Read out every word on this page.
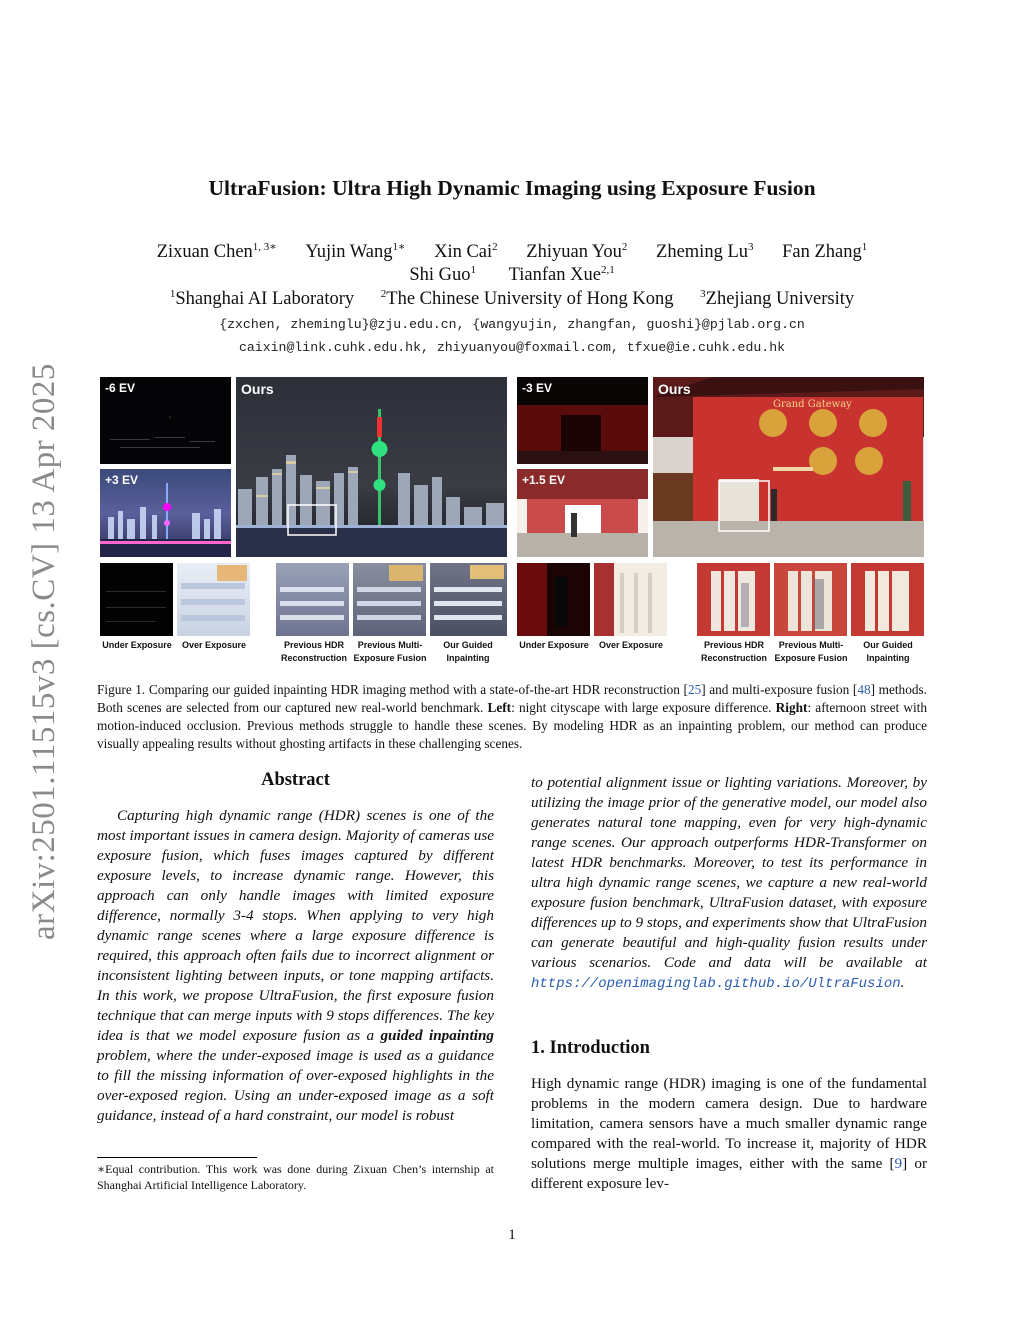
arXiv:2501.11515v3 [cs.CV] 13 Apr 2025
UltraFusion: Ultra High Dynamic Imaging using Exposure Fusion
Zixuan Chen$^{1, 3∗}$ Yujin Wang$^{1∗}$ Xin Cai$^2$ Zhiyuan You$^2$ Zheming Lu$^3$ Fan Zhang$^1$
Shi Guo$^1$ Tianfan Xue$^{2,1}$
$^1$Shanghai AI Laboratory $^2$The Chinese University of Hong Kong $^3$Zhejiang University
{zxchen, zheminglu}@zju.edu.cn, {wangyujin, zhangfan, guoshi}@pjlab.org.cn
caixin@link.cuhk.edu.hk, zhiyuanyou@foxmail.com, tfxue@ie.cuhk.edu.hk
-6 EV
+3 EV
Ours
Under Exposure	Over Exposure	Previous HDR Reconstruction
Previous Multi-Exposure Fusion
Our Guided Inpainting
-3 EV
+1.5 EV
Grand Gateway
Ours
Under Exposure	Over Exposure	Previous HDR Reconstruction
Previous Multi-Exposure Fusion
Our Guided Inpainting
Figure 1. Comparing our guided inpainting HDR imaging method with a state-of-the-art HDR reconstruction [25] and multi-exposure fusion [48] methods. Both scenes are selected from our captured new real-world benchmark. Left: night cityscape with large exposure difference. Right: afternoon street with motion-induced occlusion. Previous methods struggle to handle these scenes. By modeling HDR as an inpainting problem, our method can produce visually appealing results without ghosting artifacts in these challenging scenes.
Abstract
Capturing high dynamic range (HDR) scenes is one of the most important issues in camera design. Majority of cameras use exposure fusion, which fuses images captured by different exposure levels, to increase dynamic range. However, this approach can only handle images with limited exposure difference, normally 3-4 stops. When applying to very high dynamic range scenes where a large exposure difference is required, this approach often fails due to incorrect alignment or inconsistent lighting between inputs, or tone mapping artifacts. In this work, we propose UltraFusion, the first exposure fusion technique that can merge inputs with 9 stops differences. The key idea is that we model exposure fusion as a guided inpainting problem, where the under-exposed image is used as a guidance to fill the missing information of over-exposed highlights in the over-exposed region. Using an under-exposed image as a soft guidance, instead of a hard constraint, our model is robust
to potential alignment issue or lighting variations. Moreover, by utilizing the image prior of the generative model, our model also generates natural tone mapping, even for very high-dynamic range scenes. Our approach outperforms HDR-Transformer on latest HDR benchmarks. Moreover, to test its performance in ultra high dynamic range scenes, we capture a new real-world exposure fusion benchmark, UltraFusion dataset, with exposure differences up to 9 stops, and experiments show that UltraFusion can generate beautiful and high-quality fusion results under various scenarios. Code and data will be available at https://openimaginglab.github.io/UltraFusion.
1. Introduction
High dynamic range (HDR) imaging is one of the fundamental problems in the modern camera design. Due to hardware limitation, camera sensors have a much smaller dynamic range compared with the real-world. To increase it, majority of HDR solutions merge multiple images, either with the same [9] or different exposure lev-
∗Equal contribution. This work was done during Zixuan Chen’s internship at Shanghai Artificial Intelligence Laboratory.
1
